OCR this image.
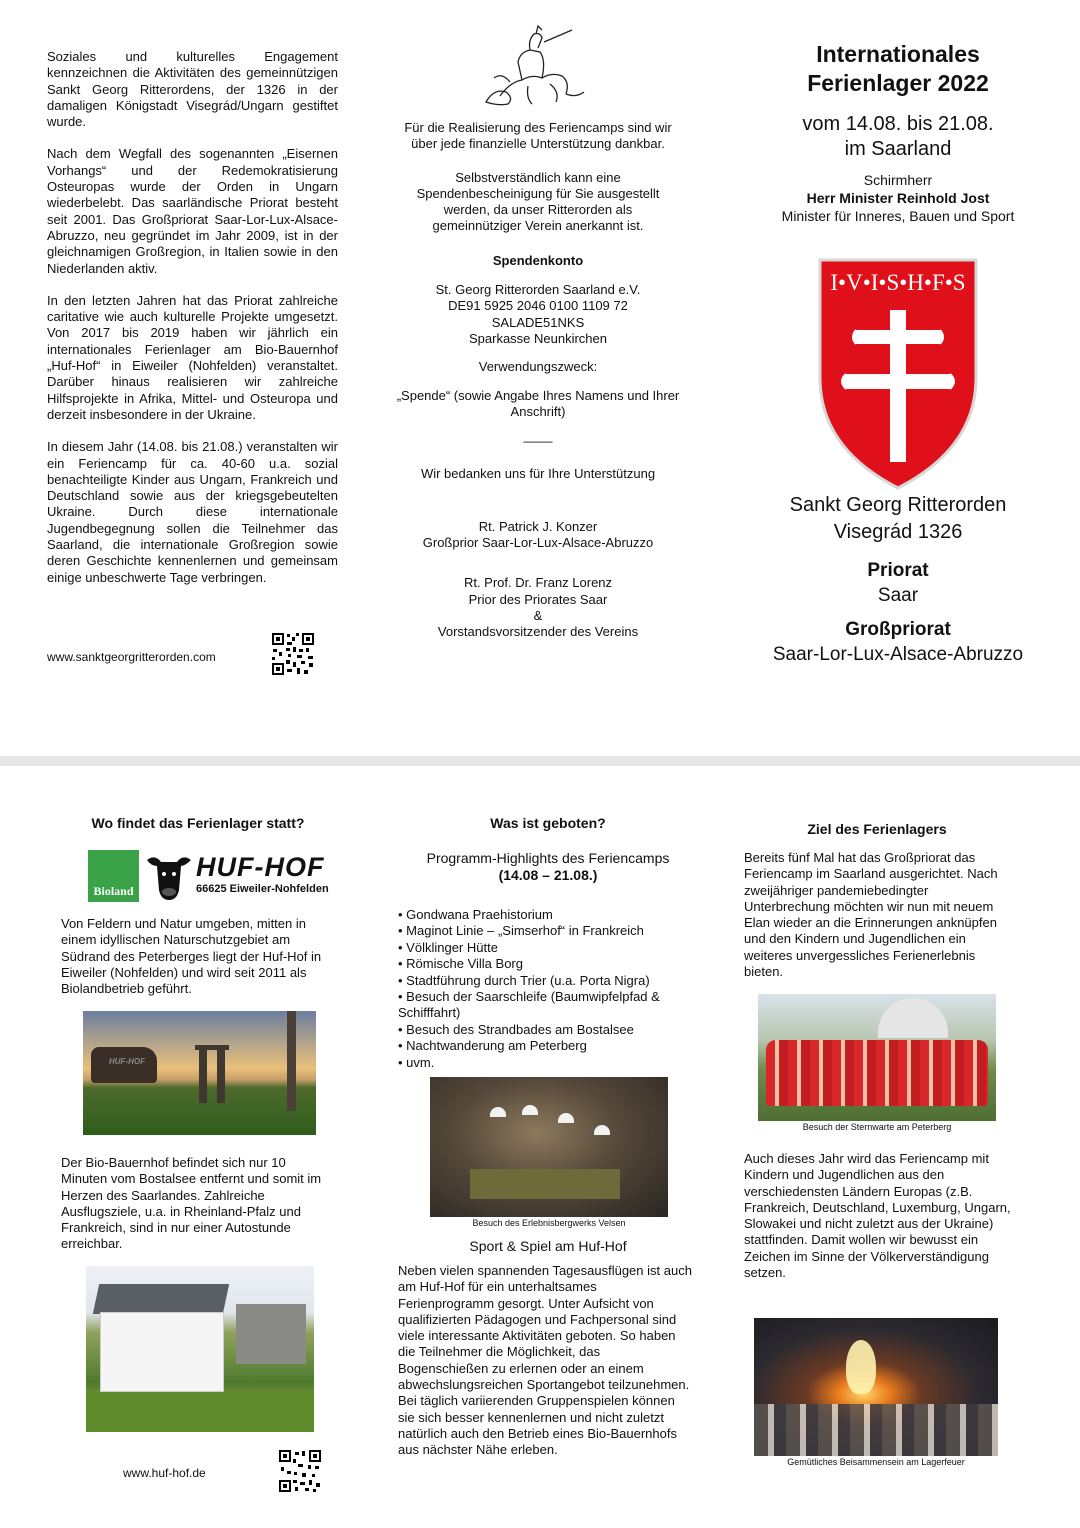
Soziales und kulturelles Engagement kennzeichnen die Aktivitäten des gemeinnützigen Sankt Georg Ritterordens, der 1326 in der damaligen Königstadt Visegrád/Ungarn gestiftet wurde.

Nach dem Wegfall des sogenannten „Eisernen Vorhangs“ und der Redemokratisierung Osteuropas wurde der Orden in Ungarn wiederbelebt. Das saarländische Priorat besteht seit 2001. Das Großpriorat Saar-Lor-Lux-Alsace-Abruzzo, neu gegründet im Jahr 2009, ist in der gleichnamigen Großregion, in Italien sowie in den Niederlanden aktiv.

In den letzten Jahren hat das Priorat zahlreiche caritative wie auch kulturelle Projekte umgesetzt. Von 2017 bis 2019 haben wir jährlich ein internationales Ferienlager am Bio-Bauernhof „Huf-Hof“ in Eiweiler (Nohfelden) veranstaltet. Darüber hinaus realisieren wir zahlreiche Hilfsprojekte in Afrika, Mittel- und Osteuropa und derzeit insbesondere in der Ukraine.

In diesem Jahr (14.08. bis 21.08.) veranstalten wir ein Feriencamp für ca. 40-60 u.a. sozial benachteiligte Kinder aus Ungarn, Frankreich und Deutschland sowie aus der kriegsgebeutelten Ukraine. Durch diese internationale Jugendbegegnung sollen die Teilnehmer das Saarland, die internationale Großregion sowie deren Geschichte kennenlernen und gemeinsam einige unbeschwerte Tage verbringen.

www.sanktgeorgritterorden.com

Für die Realisierung des Feriencamps sind wir über jede finanzielle Unterstützung dankbar.

Selbstverständlich kann eine Spendenbescheinigung für Sie ausgestellt werden, da unser Ritterorden als gemeinnütziger Verein anerkannt ist.

Spendenkonto

St. Georg Ritterorden Saarland e.V.

DE91 5925 2046 0100 1109 72

SALADE51NKS

Sparkasse Neunkirchen

Verwendungszweck:

„Spende“ (sowie Angabe Ihres Namens und Ihrer Anschrift)

____

Wir bedanken uns für Ihre Unterstützung

Rt. Patrick J. Konzer

Großprior Saar-Lor-Lux-Alsace-Abruzzo

Rt. Prof. Dr. Franz Lorenz

Prior des Priorates Saar

&

Vorstandsvorsitzender des Vereins

Internationales
Ferienlager 2022
vom 14.08. bis 21.08.
im Saarland
Schirmherr
Herr Minister Reinhold Jost
Minister für Inneres, Bauen und Sport
I•V•I•S•H•F•S
Sankt Georg Ritterorden
Visegrád 1326
Priorat
Saar
Großpriorat
Saar-Lor-Lux-Alsace-Abruzzo
Wo findet das Ferienlager statt?
Bioland
HUF-HOF
66625 Eiweiler-Nohfelden

Von Feldern und Natur umgeben, mitten in einem idyllischen Naturschutzgebiet am Südrand des Peterberges liegt der Huf-Hof in Eiweiler (Nohfelden) und wird seit 2011 als Biolandbetrieb geführt.

HUF-HOF

Der Bio-Bauernhof befindet sich nur 10 Minuten vom Bostalsee entfernt und somit im Herzen des Saarlandes. Zahlreiche Ausflugsziele, u.a. in Rheinland-Pfalz und Frankreich, sind in nur einer Autostunde erreichbar.

www.huf-hof.de
Was ist geboten?
Programm-Highlights des Feriencamps
(14.08 – 21.08.)
• Gondwana Praehistorium
• Maginot Linie – „Simserhof“ in Frankreich
• Völklinger Hütte
• Römische Villa Borg
• Stadtführung durch Trier (u.a. Porta Nigra)
• Besuch der Saarschleife (Baumwipfelpfad & Schifffahrt)
• Besuch des Strandbades am Bostalsee
• Nachtwanderung am Peterberg
• uvm.
Besuch des Erlebnisbergwerks Velsen
Sport & Spiel am Huf-Hof

Neben vielen spannenden Tagesausflügen ist auch am Huf-Hof für ein unterhaltsames Ferienprogramm gesorgt. Unter Aufsicht von qualifizierten Pädagogen und Fachpersonal sind viele interessante Aktivitäten geboten. So haben die Teilnehmer die Möglichkeit, das Bogenschießen zu erlernen oder an einem abwechslungsreichen Sportangebot teilzunehmen. Bei täglich variierenden Gruppenspielen können sie sich besser kennenlernen und nicht zuletzt natürlich auch den Betrieb eines Bio-Bauernhofs aus nächster Nähe erleben.

Ziel des Ferienlagers

Bereits fünf Mal hat das Großpriorat das Feriencamp im Saarland ausgerichtet. Nach zweijähriger pandemiebedingter Unterbrechung möchten wir nun mit neuem Elan wieder an die Erinnerungen anknüpfen und den Kindern und Jugendlichen ein weiteres unvergessliches Ferienerlebnis bieten.

Besuch der Sternwarte am Peterberg

Auch dieses Jahr wird das Feriencamp mit Kindern und Jugendlichen aus den verschiedensten Ländern Europas (z.B. Frankreich, Deutschland, Luxemburg, Ungarn, Slowakei und nicht zuletzt aus der Ukraine) stattfinden. Damit wollen wir bewusst ein Zeichen im Sinne der Völkerverständigung setzen.

Gemütliches Beisammensein am Lagerfeuer
